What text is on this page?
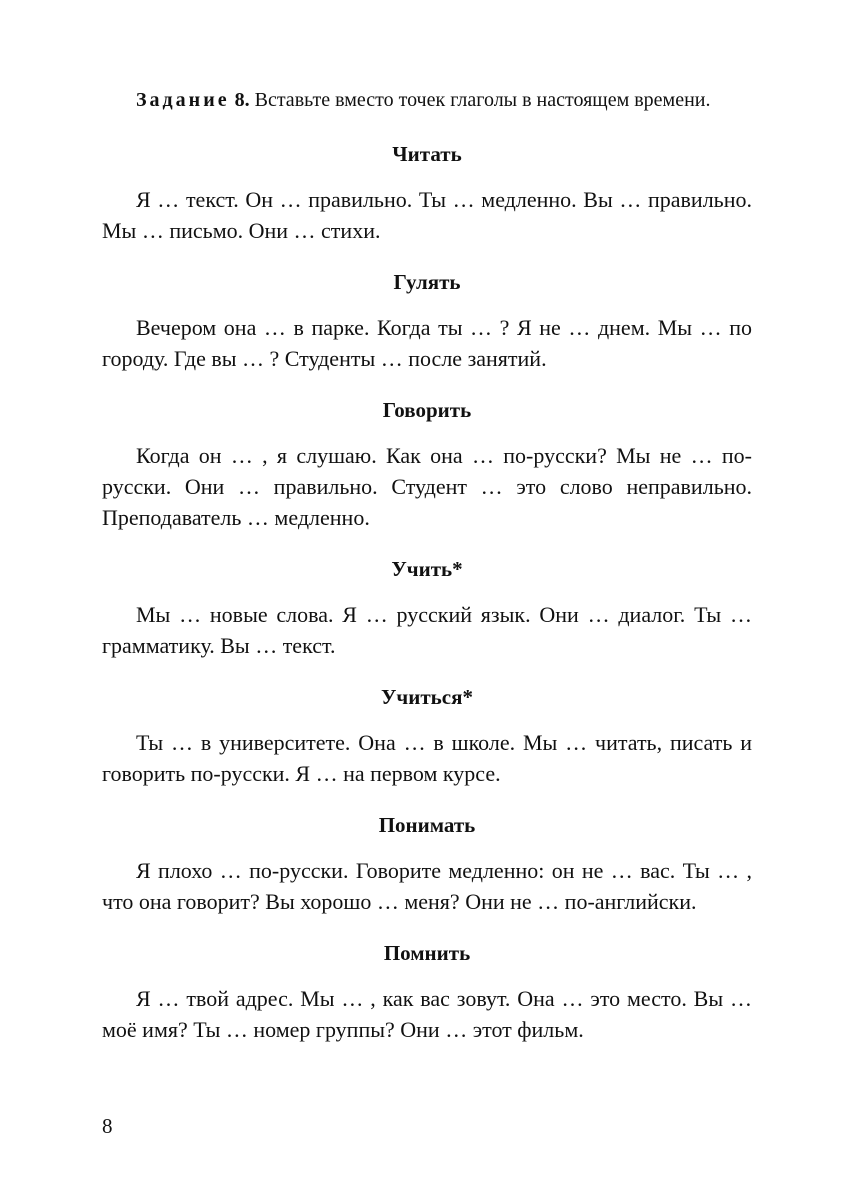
Задание 8. Вставьте вместо точек глаголы в настоящем времени.

Читать

Я … текст. Он … правильно. Ты … медленно. Вы … правильно. Мы … письмо. Они … стихи.

Гулять

Вечером она … в парке. Когда ты … ? Я не … днем. Мы … по городу. Где вы … ? Студенты … после занятий.

Говорить

Когда он … , я слушаю. Как она … по-русски? Мы не … по-русски. Они … правильно. Студент … это слово неправильно. Преподаватель … медленно.

Учить*

Мы … новые слова. Я … русский язык. Они … диалог. Ты … грамматику. Вы … текст.

Учиться*

Ты … в университете. Она … в школе. Мы … читать, писать и говорить по-русски. Я … на первом курсе.

Понимать

Я плохо … по-русски. Говорите медленно: он не … вас. Ты … , что она говорит? Вы хорошо … меня? Они не … по-английски.

Помнить

Я … твой адрес. Мы … , как вас зовут. Она … это место. Вы … моё имя? Ты … номер группы? Они … этот фильм.

8
